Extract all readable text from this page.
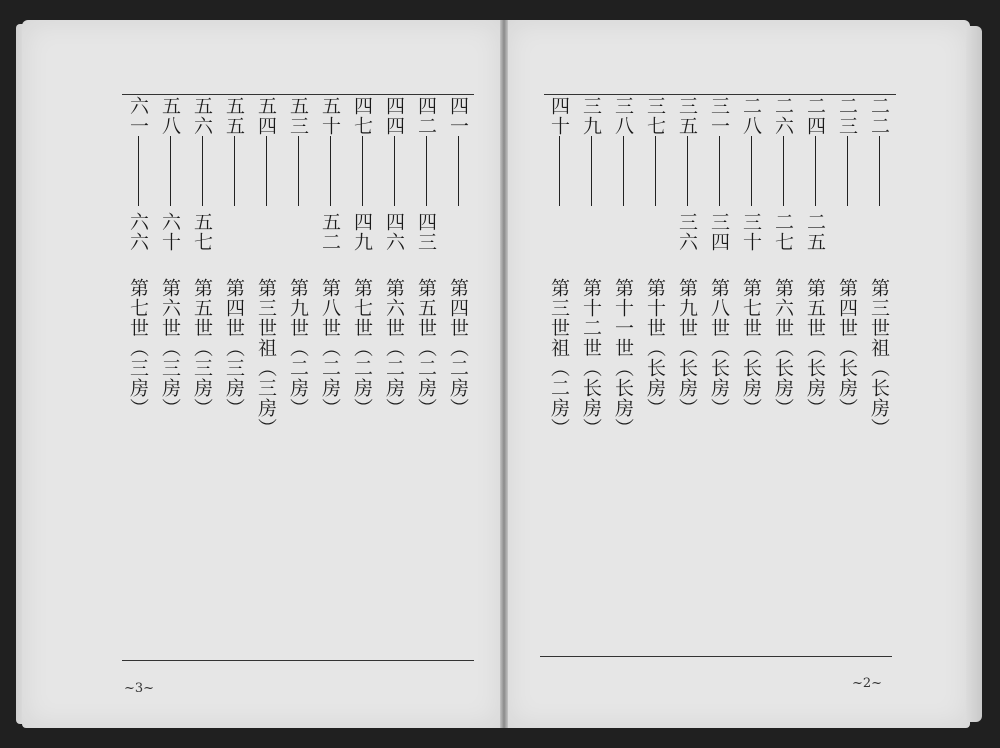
四一
第四世（二房）
四二
四三
第五世（二房）
四四
四六
第六世（二房）
四七
四九
第七世（二房）
五十
五二
第八世（二房）
五三
第九世（二房）
五四
第三世祖（三房）
五五
第四世（三房）
五六
五七
第五世（三房）
五八
六十
第六世（三房）
六一
六六
第七世（三房）
二二
第三世祖（长房）
二三
第四世（长房）
二四
二五
第五世（长房）
二六
二七
第六世（长房）
二八
三十
第七世（长房）
三一
三四
第八世（长房）
三五
三六
第九世（长房）
三七
第十世（长房）
三八
第十一世（长房）
三九
第十二世（长房）
四十
第三世祖（二房）
~3~	~2~
